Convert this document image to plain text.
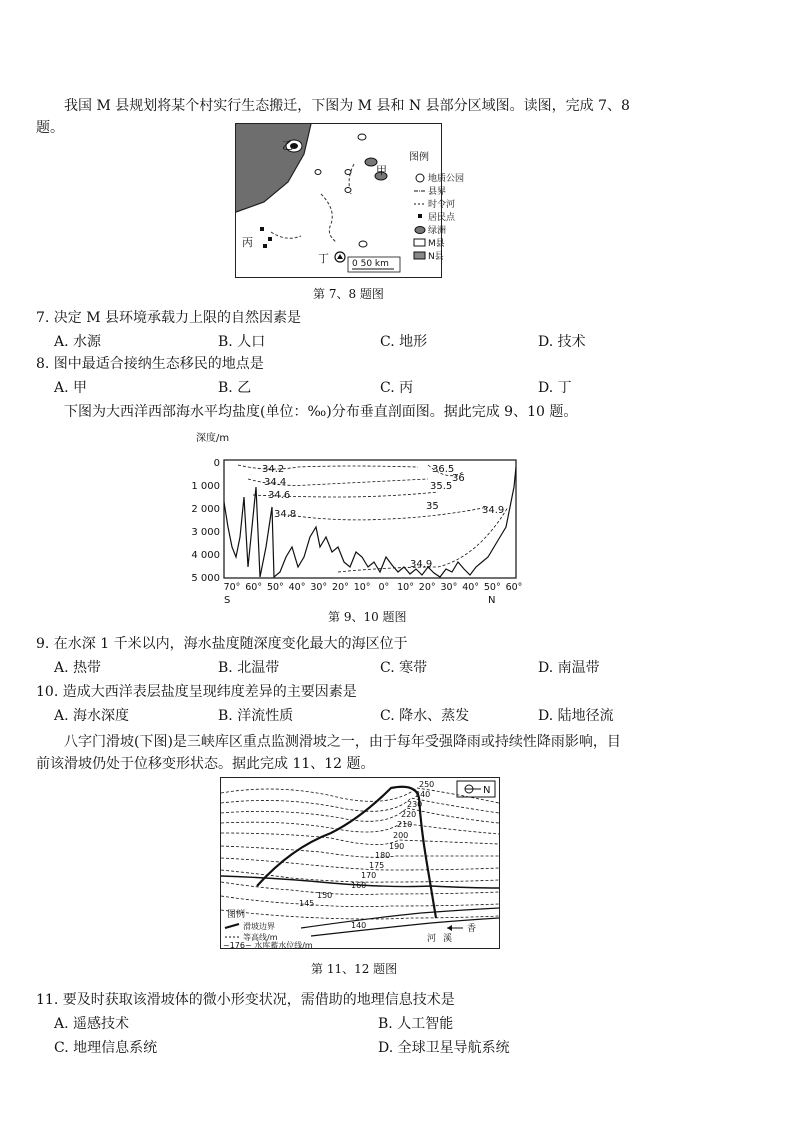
我国 M 县规划将某个村实行生态搬迁，下图为 M 县和 N 县部分区域图。读图，完成 7、8
题。
乙
甲
丙
丁
图例
地质公园
县界
时令河
居民点
绿洲
M县
N县
0 50 km
第 7、8 题图
7. 决定 M 县环境承载力上限的自然因素是
A. 水源	B. 人口	C. 地形	D. 技术
8. 图中最适合接纳生态移民的地点是
A. 甲	B. 乙	C. 丙	D. 丁
下图为大西洋西部海水平均盐度(单位：‰)分布垂直剖面图。据此完成 9、10 题。
深度/m
0
1 000
2 000
3 000
4 000
5 000
34.2
34.4
34.6
34.8
36.5
36
35.5
35	34.9
34.9
70° 60° 50° 40° 30° 20° 10° 0° 10° 20° 30° 40° 50° 60°
S	N
第 9、10 题图
9. 在水深 1 千米以内，海水盐度随深度变化最大的海区位于
A. 热带	B. 北温带	C. 寒带	D. 南温带
10. 造成大西洋表层盐度呈现纬度差异的主要因素是
A. 海水深度	B. 洋流性质	C. 降水、蒸发	D. 陆地径流
八字门滑坡(下图)是三峡库区重点监测滑坡之一，由于每年受强降雨或持续性降雨影响，目
前该滑坡仍处于位移变形状态。据此完成 11、12 题。
N
250
240
230
220
210
200
190
180
175
170
160
150
145
140
河 溪
香
图例
滑坡边界
等高线/m
~176~ 水库蓄水位线/m
第 11、12 题图
11. 要及时获取该滑坡体的微小形变状况，需借助的地理信息技术是
A. 遥感技术	B. 人工智能
C. 地理信息系统	D. 全球卫星导航系统
